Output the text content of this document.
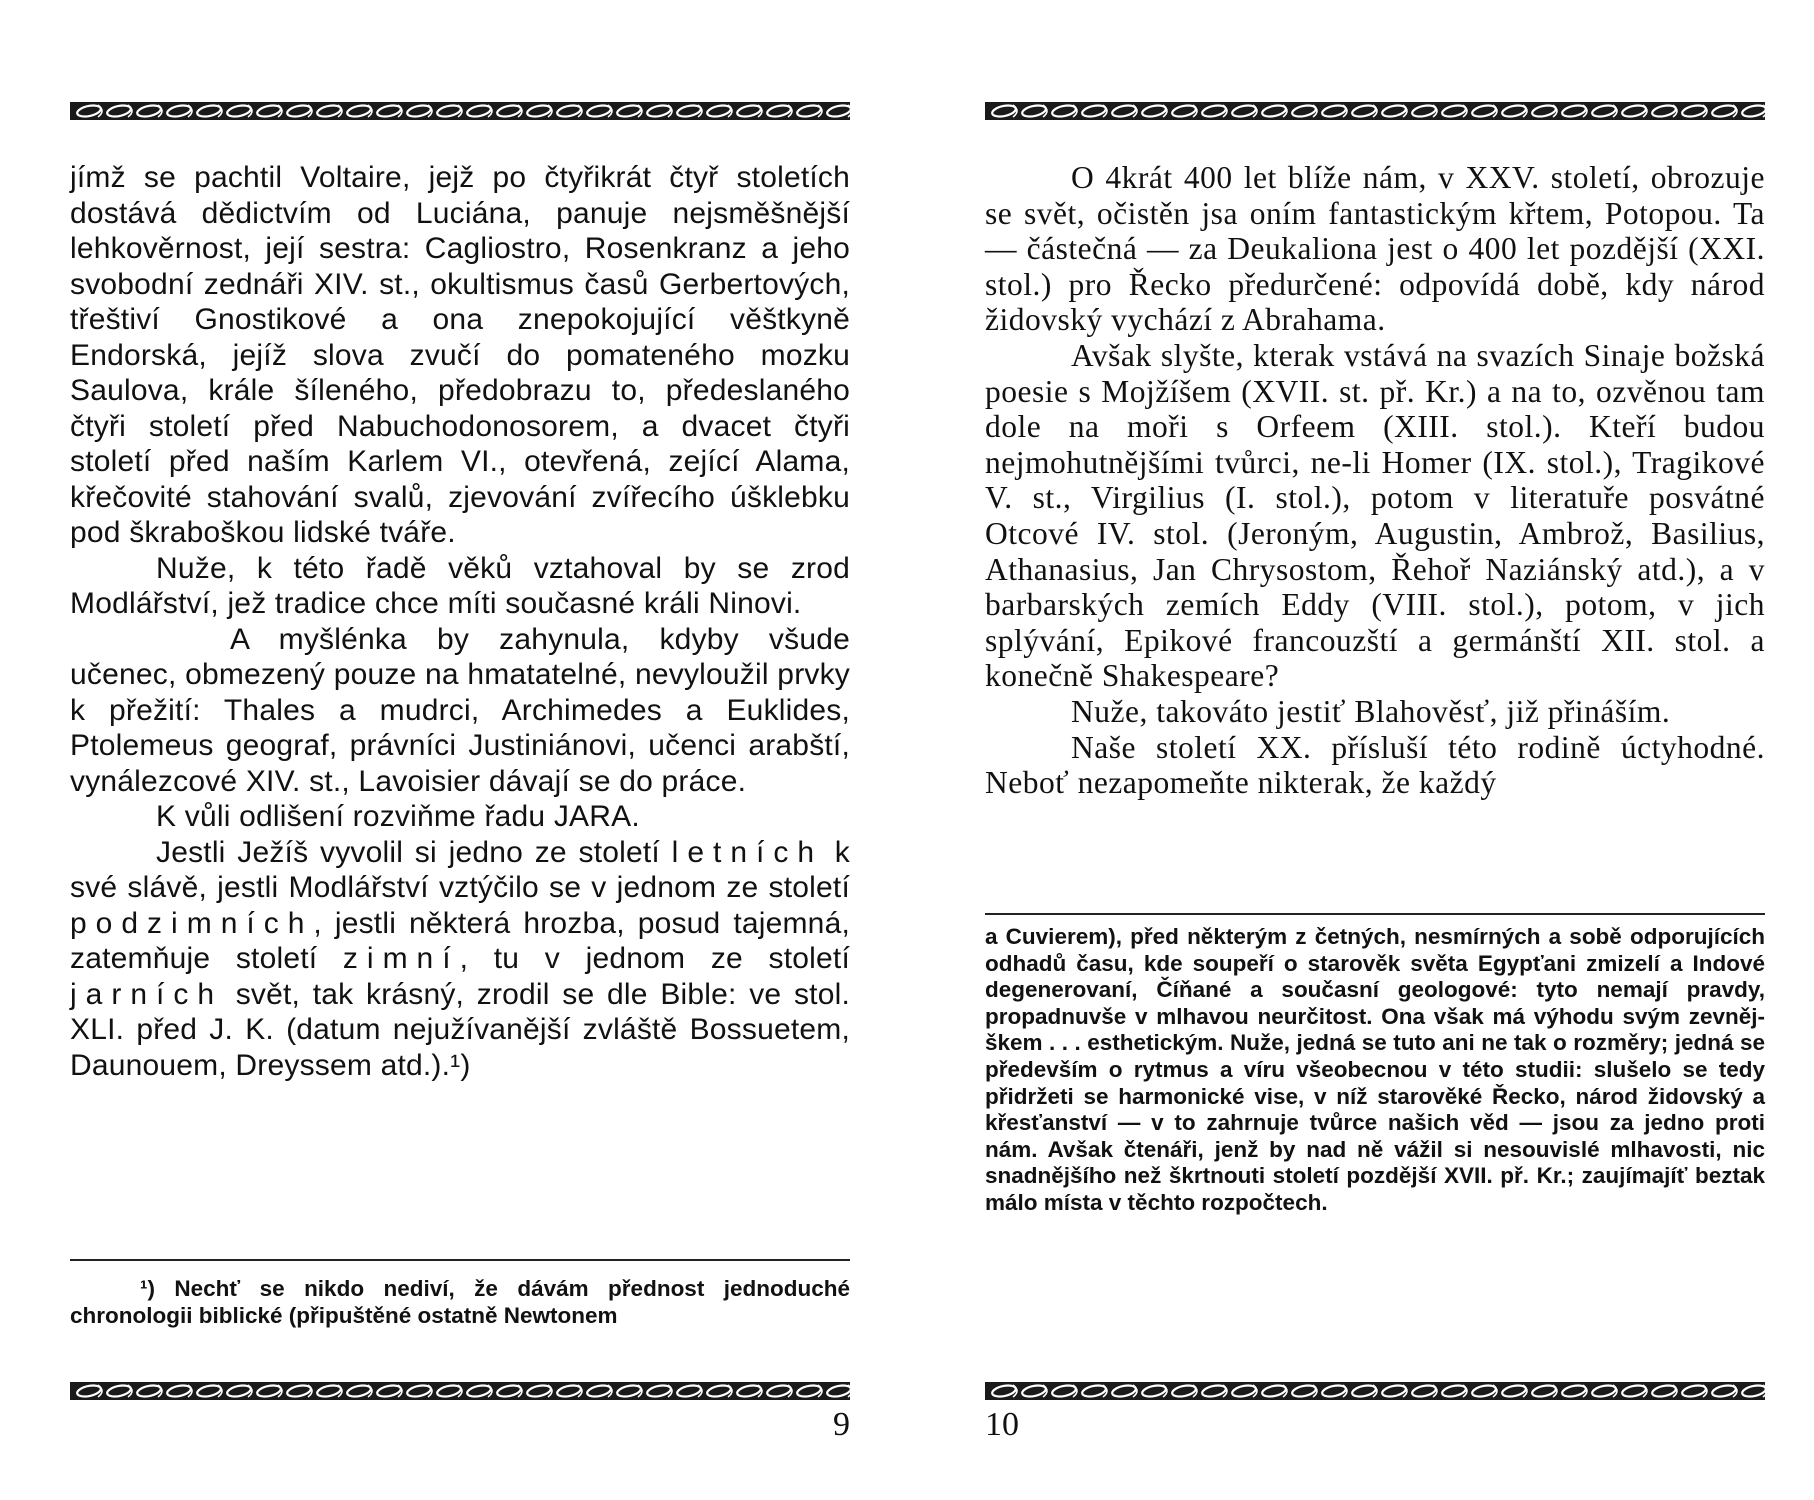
jímž se pachtil Voltaire, jejž po čtyřikrát čtyř stoletích dostává dědictvím od Luciána, panuje nejsměšnější lehkověrnost, její sestra: Cagliostro, Rosenkranz a jeho svobodní zednáři XIV. st., okultismus časů Gerbertových, třeštiví Gnostikové a ona znepokojující věštkyně Endorská, jejíž slova zvučí do pomateného mozku Saulova, krále šíleného, předobrazu to, předeslaného čtyři století před Nabuchodonosorem, a dvacet čtyři století před naším Karlem VI., otevřená, zející Alama, křečovité stahování svalů, zjevování zvířecího úšklebku pod škraboškou lidské tváře.

Nuže, k této řadě věků vztahoval by se zrod Modlářství, jež tradice chce míti současné králi Ninovi.

A myšlénka by zahynula, kdyby všude učenec, obmezený pouze na hmatatelné, nevyloužil prvky k přežití: Thales a mudrci, Archimedes a Euklides, Ptolemeus geograf, právníci Justiniánovi, učenci arabští, vynálezcové XIV. st., Lavoisier dávají se do práce.

K vůli odlišení rozviňme řadu JARA.

Jestli Ježíš vyvolil si jedno ze století letních k své slávě, jestli Modlářství vztýčilo se v jednom ze století podzimních, jestli některá hrozba, posud tajemná, zatemňuje století zimní, tu v jednom ze století jarních svět, tak krásný, zrodil se dle Bible: ve stol. XLI. před J. K. (datum nejužívanější zvláště Bossuetem, Daunouem, Dreyssem atd.).¹)

¹) Nechť se nikdo nediví, že dávám přednost jednoduché chronologii biblické (připuštěné ostatně Newtonem
9

O 4krát 400 let blíže nám, v XXV. století, obrozuje se svět, očistěn jsa oním fantastickým křtem, Potopou. Ta — částečná — za Deukaliona jest o 400 let pozdější (XXI. stol.) pro Řecko předurčené: odpovídá době, kdy národ židovský vychází z Abrahama.

Avšak slyšte, kterak vstává na svazích Sinaje božská poesie s Mojžíšem (XVII. st. př. Kr.) a na to, ozvěnou tam dole na moři s Orfeem (XIII. stol.). Kteří budou nejmohutnějšími tvůrci, ne-li Homer (IX. stol.), Tragikové V. st., Virgilius (I. stol.), potom v literatuře posvátné Otcové IV. stol. (Jeroným, Augustin, Ambrož, Basilius, Athanasius, Jan Chrysostom, Řehoř Naziánský atd.), a v barbarských zemích Eddy (VIII. stol.), potom, v jich splývání, Epikové francouzští a germánští XII. stol. a konečně Shakespeare?

Nuže, takováto jestiť Blahověsť, již přináším.

Naše století XX. přísluší této rodině úctyhodné. Neboť nezapomeňte nikterak, že každý

a Cuvierem), před některým z četných, nesmírných a sobě odporujících odhadů času, kde soupeří o starověk světa Egypťani zmizelí a Indové degenerovaní, Číňané a současní geologové: tyto nemají pravdy, propadnuvše v mlhavou neurčitost. Ona však má výhodu svým zevnějškem . . . esthetickým. Nuže, jedná se tuto ani ne tak o rozměry; jedná se především o rytmus a víru všeobecnou v této studii: slušelo se tedy přidržeti se harmonické vise, v níž starověké Řecko, národ židovský a křesťanství — v to zahrnuje tvůrce našich věd — jsou za jedno proti nám. Avšak čtenáři, jenž by nad ně vážil si nesouvislé mlhavosti, nic snadnějšího než škrtnouti století pozdější XVII. př. Kr.; zaujímajíť beztak málo místa v těchto rozpočtech.
10
